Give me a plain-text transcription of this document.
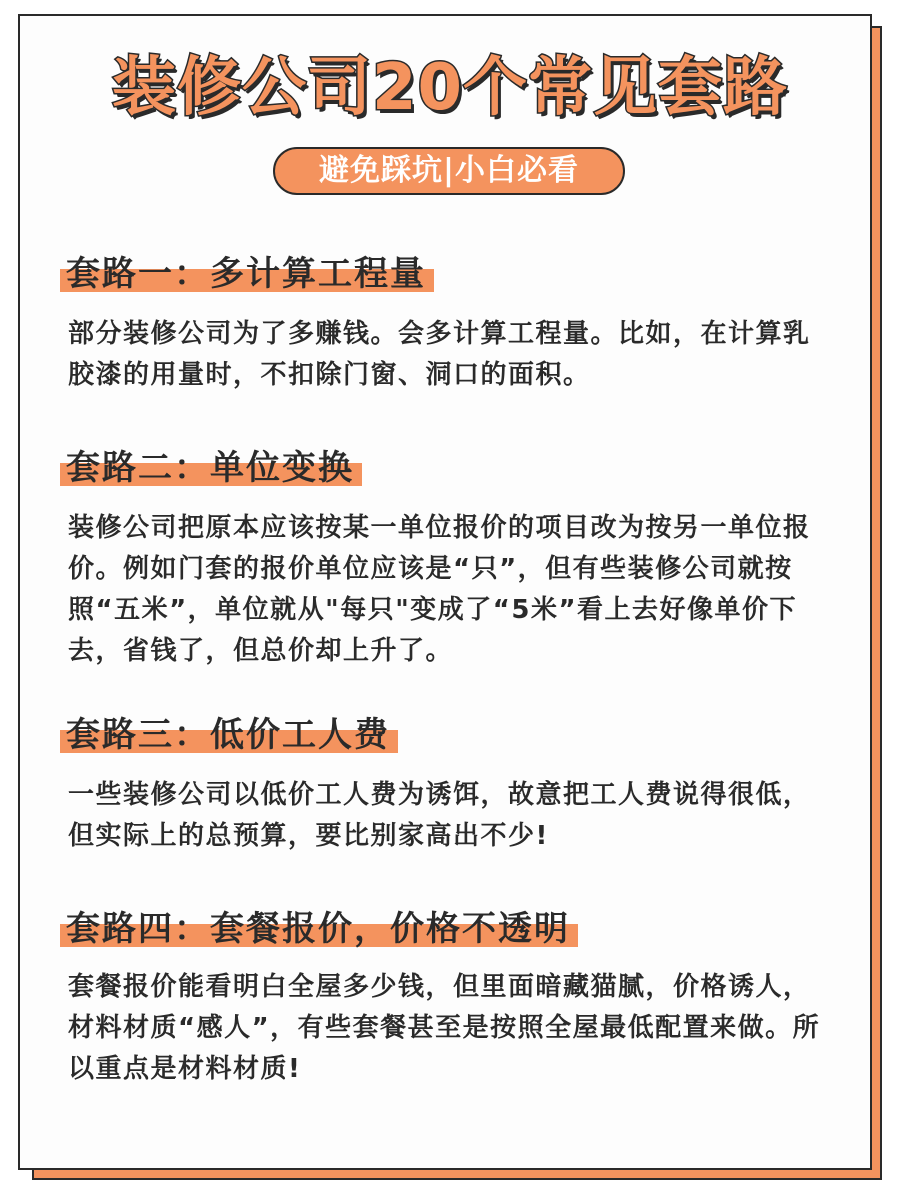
装修公司20个常见套路
避免踩坑|小白必看
套路一：多计算工程量

部分装修公司为了多赚钱。会多计算工程量。比如，在计算乳胶漆的用量时，不扣除门窗、洞口的面积。

套路二：单位变换

装修公司把原本应该按某一单位报价的项目改为按另一单位报价。例如门套的报价单位应该是“只”，但有些装修公司就按照“五米”，单位就从"每只"变成了“5米”看上去好像单价下去，省钱了，但总价却上升了。

套路三：低价工人费

一些装修公司以低价工人费为诱饵，故意把工人费说得很低，但实际上的总预算，要比别家高出不少!

套路四：套餐报价，价格不透明

套餐报价能看明白全屋多少钱，但里面暗藏猫腻，价格诱人，材料材质“感人”，有些套餐甚至是按照全屋最低配置来做。所以重点是材料材质!
